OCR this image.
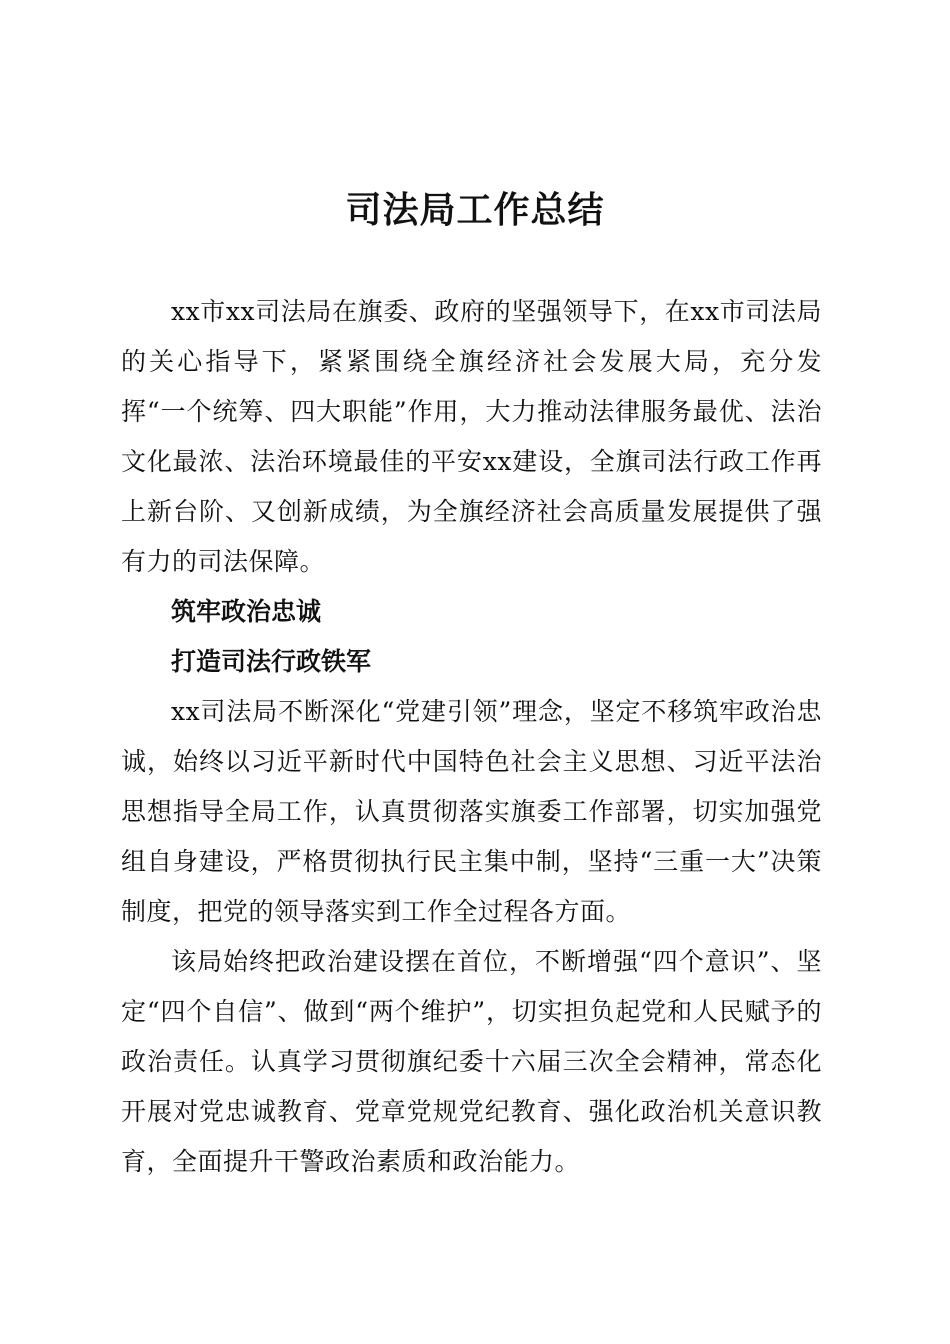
司法局工作总结

xx市xx司法局在旗委、政府的坚强领导下，在xx市司法局的关心指导下，紧紧围绕全旗经济社会发展大局，充分发挥“一个统筹、四大职能”作用，大力推动法律服务最优、法治文化最浓、法治环境最佳的平安xx建设，全旗司法行政工作再上新台阶、又创新成绩，为全旗经济社会高质量发展提供了强有力的司法保障。

筑牢政治忠诚
打造司法行政铁军

xx司法局不断深化“党建引领”理念，坚定不移筑牢政治忠诚，始终以习近平新时代中国特色社会主义思想、习近平法治思想指导全局工作，认真贯彻落实旗委工作部署，切实加强党组自身建设，严格贯彻执行民主集中制，坚持“三重一大”决策制度，把党的领导落实到工作全过程各方面。

该局始终把政治建设摆在首位，不断增强“四个意识”、坚定“四个自信”、做到“两个维护”，切实担负起党和人民赋予的政治责任。认真学习贯彻旗纪委十六届三次全会精神，常态化开展对党忠诚教育、党章党规党纪教育、强化政治机关意识教育，全面提升干警政治素质和政治能力。
